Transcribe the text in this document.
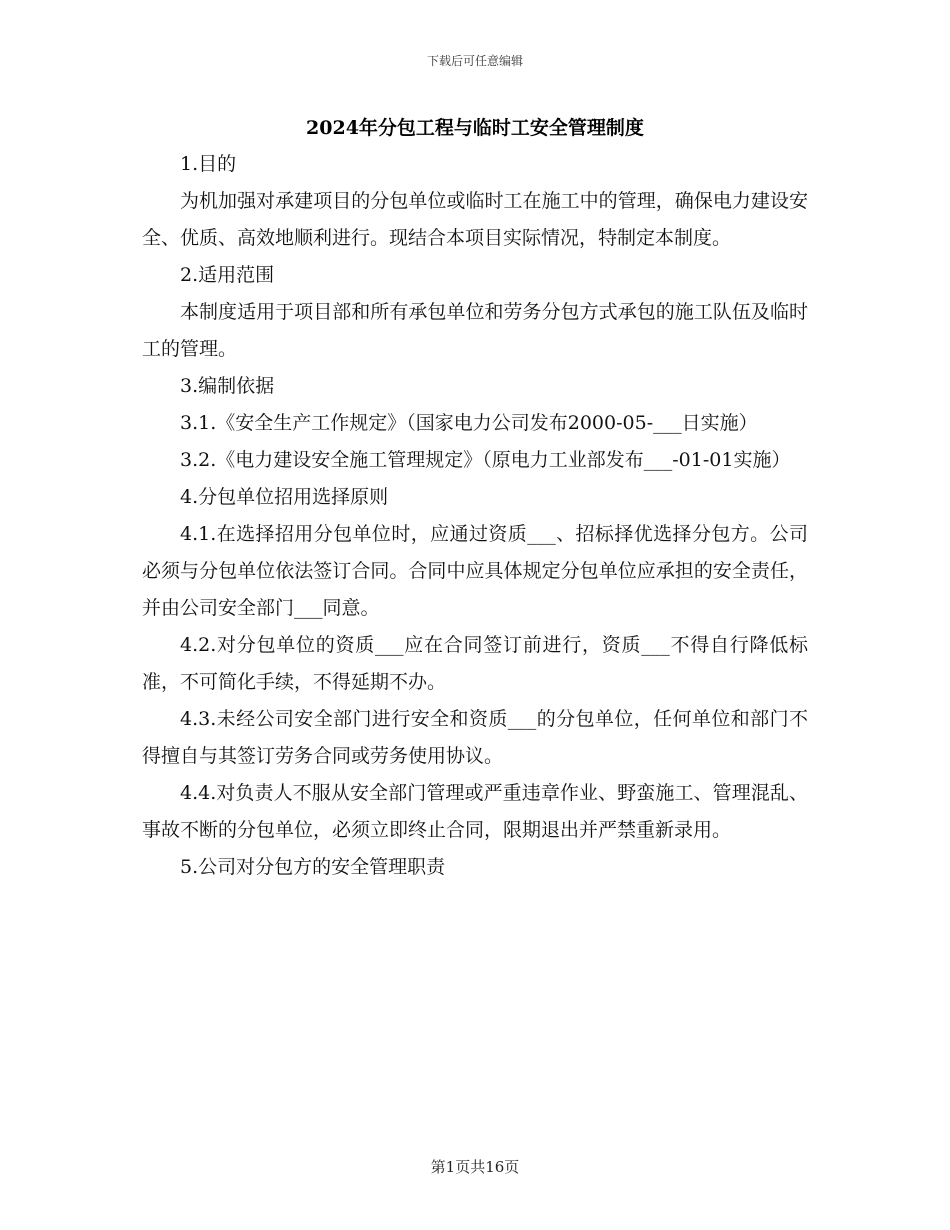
下载后可任意编辑
2024年分包工程与临时工安全管理制度

1.目的

为机加强对承建项目的分包单位或临时工在施工中的管理，确保电力建设安全、优质、高效地顺利进行。现结合本项目实际情况，特制定本制度。

2.适用范围

本制度适用于项目部和所有承包单位和劳务分包方式承包的施工队伍及临时工的管理。

3.编制依据

3.1.《安全生产工作规定》（国家电力公司发布2000-05-___日实施）

3.2.《电力建设安全施工管理规定》（原电力工业部发布___-01-01实施）

4.分包单位招用选择原则

4.1.在选择招用分包单位时，应通过资质___、招标择优选择分包方。公司必须与分包单位依法签订合同。合同中应具体规定分包单位应承担的安全责任，并由公司安全部门___同意。

4.2.对分包单位的资质___应在合同签订前进行，资质___不得自行降低标准，不可简化手续，不得延期不办。

4.3.未经公司安全部门进行安全和资质___的分包单位，任何单位和部门不得擅自与其签订劳务合同或劳务使用协议。

4.4.对负责人不服从安全部门管理或严重违章作业、野蛮施工、管理混乱、事故不断的分包单位，必须立即终止合同，限期退出并严禁重新录用。

5.公司对分包方的安全管理职责

第1页共16页
